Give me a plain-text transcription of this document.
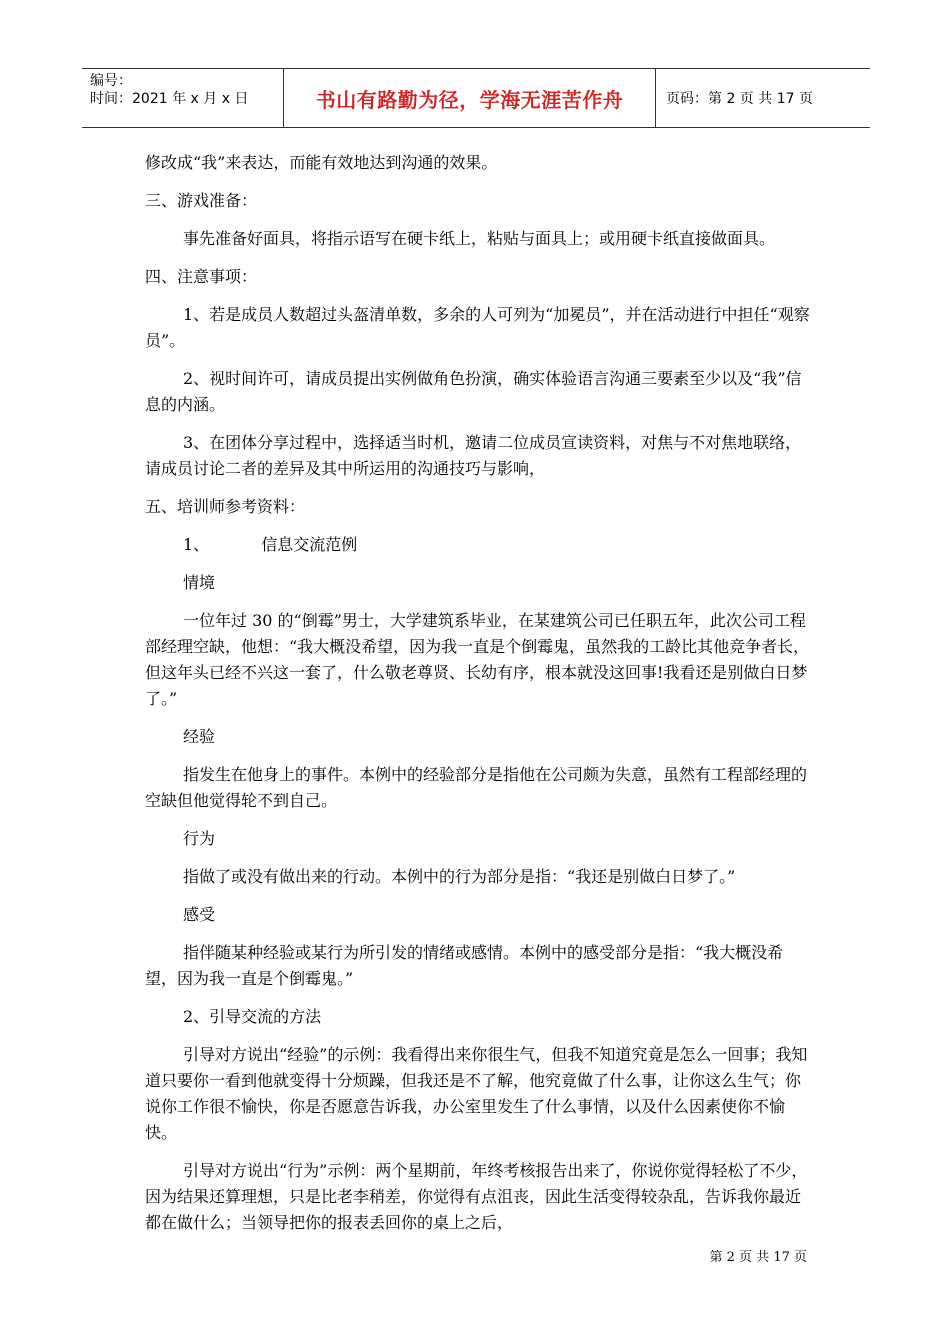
编号：
时间：2021 年 x 月 x 日	书山有路勤为径，学海无涯苦作舟	页码：第 2 页 共 17 页

修改成“我”来表达，而能有效地达到沟通的效果。

三、游戏准备：

事先准备好面具，将指示语写在硬卡纸上，粘贴与面具上；或用硬卡纸直接做面具。

四、注意事项：

1、若是成员人数超过头盔清单数，多余的人可列为“加冕员”，并在活动进行中担任“观察员”。

2、视时间许可，请成员提出实例做角色扮演，确实体验语言沟通三要素至少以及“我”信息的内涵。

3、在团体分享过程中，选择适当时机，邀请二位成员宣读资料，对焦与不对焦地联络，请成员讨论二者的差异及其中所运用的沟通技巧与影响，

五、培训师参考资料：

1、	信息交流范例

情境

一位年过 30 的“倒霉”男士，大学建筑系毕业，在某建筑公司已任职五年，此次公司工程部经理空缺，他想：“我大概没希望，因为我一直是个倒霉鬼，虽然我的工龄比其他竞争者长，但这年头已经不兴这一套了，什么敬老尊贤、长幼有序，根本就没这回事!我看还是别做白日梦了。”

经验

指发生在他身上的事件。本例中的经验部分是指他在公司颇为失意，虽然有工程部经理的空缺但他觉得轮不到自己。

行为

指做了或没有做出来的行动。本例中的行为部分是指：“我还是别做白日梦了。”

感受

指伴随某种经验或某行为所引发的情绪或感情。本例中的感受部分是指：“我大概没希望，因为我一直是个倒霉鬼。”

2、引导交流的方法

引导对方说出“经验”的示例：我看得出来你很生气，但我不知道究竟是怎么一回事；我知道只要你一看到他就变得十分烦躁，但我还是不了解，他究竟做了什么事，让你这么生气；你说你工作很不愉快，你是否愿意告诉我，办公室里发生了什么事情，以及什么因素使你不愉快。

引导对方说出“行为”示例：两个星期前，年终考核报告出来了，你说你觉得轻松了不少，因为结果还算理想，只是比老李稍差，你觉得有点沮丧，因此生活变得较杂乱，告诉我你最近都在做什么；当领导把你的报表丢回你的桌上之后，

第 2 页 共 17 页
